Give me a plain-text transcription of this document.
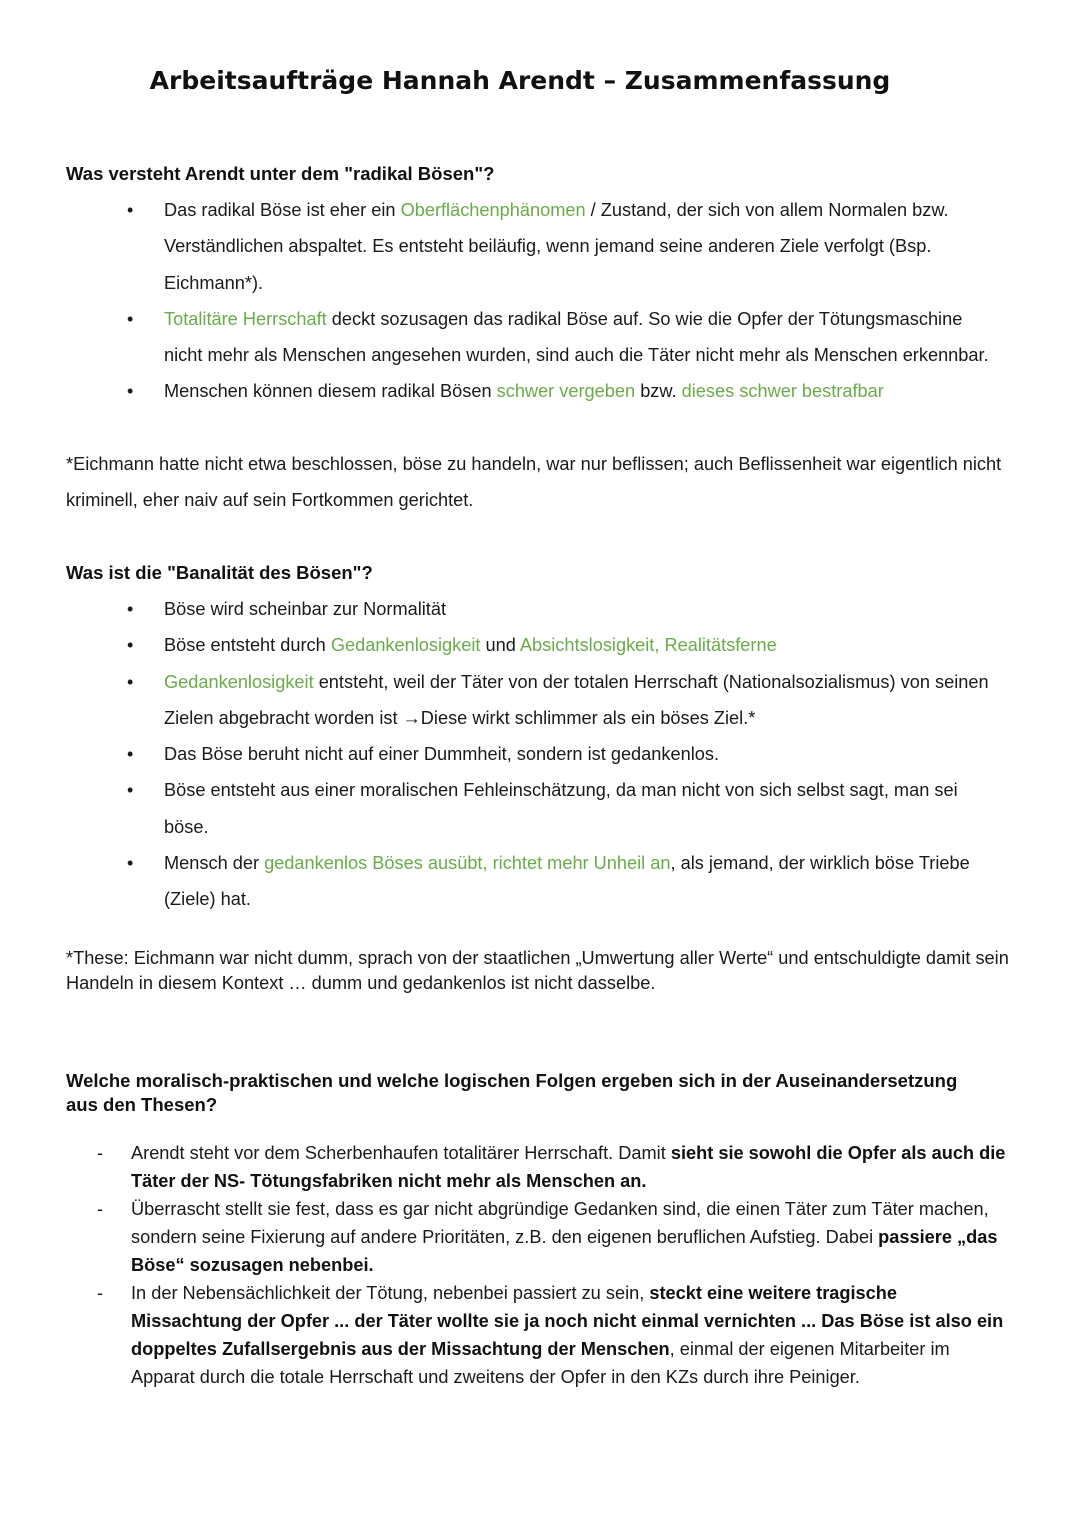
Arbeitsaufträge Hannah Arendt – Zusammenfassung
Was versteht Arendt unter dem "radikal Bösen"?
• Das radikal Böse ist eher ein Oberflächenphänomen / Zustand, der sich von allem Normalen bzw. Verständlichen abspaltet. Es entsteht beiläufig, wenn jemand seine anderen Ziele verfolgt (Bsp. Eichmann*).
• Totalitäre Herrschaft deckt sozusagen das radikal Böse auf. So wie die Opfer der Tötungsmaschine nicht mehr als Menschen angesehen wurden, sind auch die Täter nicht mehr als Menschen erkennbar.
• Menschen können diesem radikal Bösen schwer vergeben bzw. dieses schwer bestrafbar
*Eichmann hatte nicht etwa beschlossen, böse zu handeln, war nur beflissen; auch Beflissenheit war eigentlich nicht kriminell, eher naiv auf sein Fortkommen gerichtet.
Was ist die "Banalität des Bösen"?
• Böse wird scheinbar zur Normalität
• Böse entsteht durch Gedankenlosigkeit und Absichtslosigkeit, Realitätsferne
• Gedankenlosigkeit entsteht, weil der Täter von der totalen Herrschaft (Nationalsozialismus) von seinen Zielen abgebracht worden ist →Diese wirkt schlimmer als ein böses Ziel.*
• Das Böse beruht nicht auf einer Dummheit, sondern ist gedankenlos.
• Böse entsteht aus einer moralischen Fehleinschätzung, da man nicht von sich selbst sagt, man sei böse.
• Mensch der gedankenlos Böses ausübt, richtet mehr Unheil an, als jemand, der wirklich böse Triebe (Ziele) hat.
*These: Eichmann war nicht dumm, sprach von der staatlichen „Umwertung aller Werte“ und entschuldigte damit sein Handeln in diesem Kontext … dumm und gedankenlos ist nicht dasselbe.
Welche moralisch-praktischen und welche logischen Folgen ergeben sich in der Auseinandersetzung aus den Thesen?
- Arendt steht vor dem Scherbenhaufen totalitärer Herrschaft. Damit sieht sie sowohl die Opfer als auch die Täter der NS- Tötungsfabriken nicht mehr als Menschen an.
- Überrascht stellt sie fest, dass es gar nicht abgründige Gedanken sind, die einen Täter zum Täter machen, sondern seine Fixierung auf andere Prioritäten, z.B. den eigenen beruflichen Aufstieg. Dabei passiere „das Böse“ sozusagen nebenbei.
- In der Nebensächlichkeit der Tötung, nebenbei passiert zu sein, steckt eine weitere tragische Missachtung der Opfer ... der Täter wollte sie ja noch nicht einmal vernichten ... Das Böse ist also ein doppeltes Zufallsergebnis aus der Missachtung der Menschen, einmal der eigenen Mitarbeiter im Apparat durch die totale Herrschaft und zweitens der Opfer in den KZs durch ihre Peiniger.
